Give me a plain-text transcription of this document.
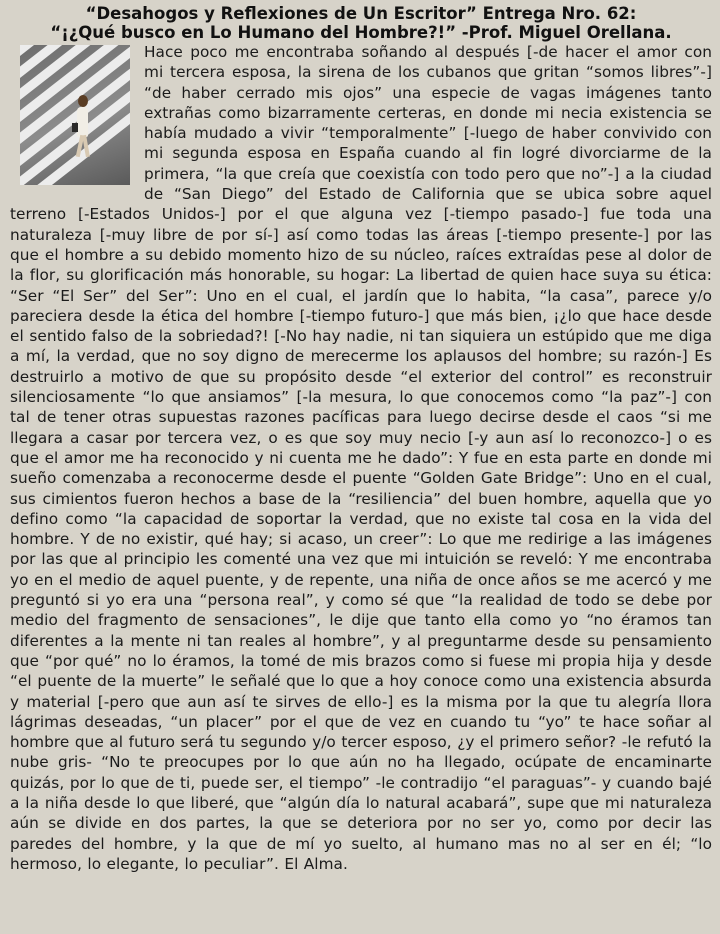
“Desahogos y Reflexiones de Un Escritor” Entrega Nro. 62:
“¡¿Qué busco en Lo Humano del Hombre?!” -Prof. Miguel Orellana.

Hace poco me encontraba soñando al después [-de hacer el amor con mi tercera esposa, la sirena de los cubanos que gritan “somos libres”-] “de haber cerrado mis ojos” una especie de vagas imágenes tanto extrañas como bizarramente certeras, en donde mi necia existencia se había mudado a vivir “temporalmente” [-luego de haber convivido con mi segunda esposa en España cuando al fin logré divorciarme de la primera, “la que creía que coexistía con todo pero que no”-] a la ciudad de “San Diego” del Estado de California que se ubica sobre aquel terreno [-Estados Unidos-] por el que alguna vez [-tiempo pasado-] fue toda una naturaleza [-muy libre de por sí-] así como todas las áreas [-tiempo presente-] por las que el hombre a su debido momento hizo de su núcleo, raíces extraídas pese al dolor de la flor, su glorificación más honorable, su hogar: La libertad de quien hace suya su ética: “Ser “El Ser” del Ser”: Uno en el cual, el jardín que lo habita, “la casa”, parece y/o pareciera desde la ética del hombre [-tiempo futuro-] que más bien, ¡¿lo que hace desde el sentido falso de la sobriedad?! [-No hay nadie, ni tan siquiera un estúpido que me diga a mí, la verdad, que no soy digno de merecerme los aplausos del hombre; su razón-] Es destruirlo a motivo de que su propósito desde “el exterior del control” es reconstruir silenciosamente “lo que ansiamos” [-la mesura, lo que conocemos como “la paz”-] con tal de tener otras supuestas razones pacíficas para luego decirse desde el caos “si me llegara a casar por tercera vez, o es que soy muy necio [-y aun así lo reconozco-] o es que el amor me ha reconocido y ni cuenta me he dado”: Y fue en esta parte en donde mi sueño comenzaba a reconocerme desde el puente “Golden Gate Bridge”: Uno en el cual, sus cimientos fueron hechos a base de la “resiliencia” del buen hombre, aquella que yo defino como “la capacidad de soportar la verdad, que no existe tal cosa en la vida del hombre. Y de no existir, qué hay; si acaso, un creer”: Lo que me redirige a las imágenes por las que al principio les comenté una vez que mi intuición se reveló: Y me encontraba yo en el medio de aquel puente, y de repente, una niña de once años se me acercó y me preguntó si yo era una “persona real”, y como sé que “la realidad de todo se debe por medio del fragmento de sensaciones”, le dije que tanto ella como yo “no éramos tan diferentes a la mente ni tan reales al hombre”, y al preguntarme desde su pensamiento que “por qué” no lo éramos, la tomé de mis brazos como si fuese mi propia hija y desde “el puente de la muerte” le señalé que lo que a hoy conoce como una existencia absurda y material [-pero que aun así te sirves de ello-] es la misma por la que tu alegría llora lágrimas deseadas, “un placer” por el que de vez en cuando tu “yo” te hace soñar al hombre que al futuro será tu segundo y/o tercer esposo, ¿y el primero señor? -le refutó la nube gris- “No te preocupes por lo que aún no ha llegado, ocúpate de encaminarte quizás, por lo que de ti, puede ser, el tiempo” -le contradijo “el paraguas”- y cuando bajé a la niña desde lo que liberé, que “algún día lo natural acabará”, supe que mi naturaleza aún se divide en dos partes, la que se deteriora por no ser yo, como por decir las paredes del hombre, y la que de mí yo suelto, al humano mas no al ser en él; “lo hermoso, lo elegante, lo peculiar”. El Alma.
